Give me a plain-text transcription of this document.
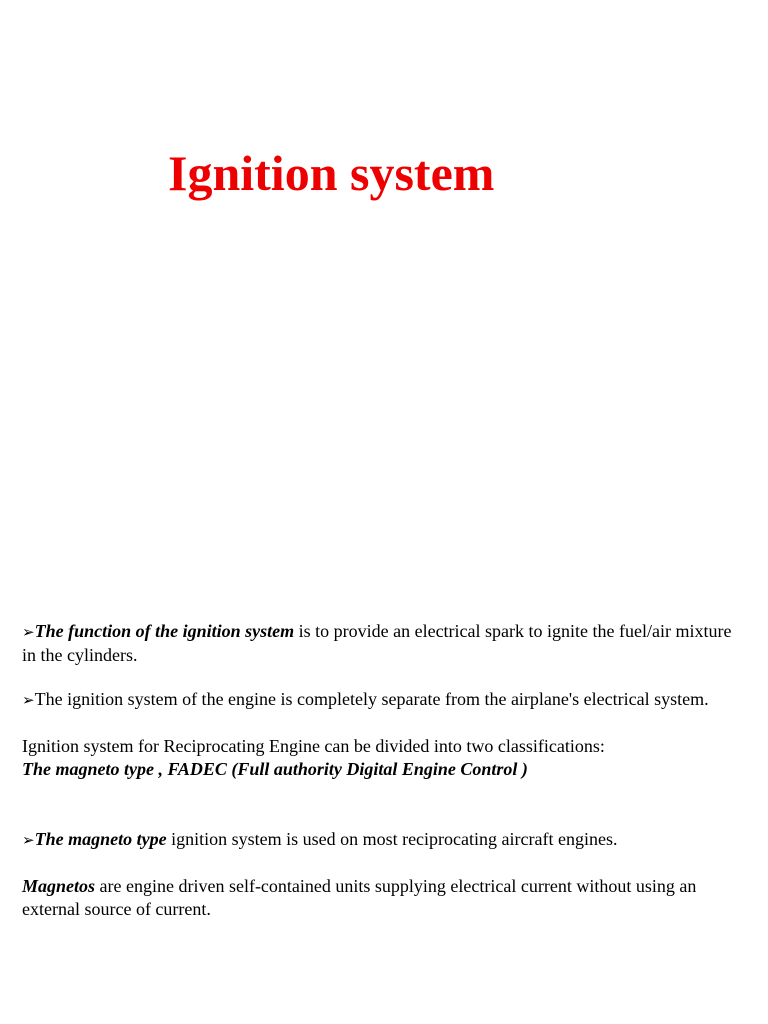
Ignition system

➢The function of the ignition system is to provide an electrical spark to ignite the fuel/air mixture in the cylinders.

➢The ignition system of the engine is completely separate from the airplane's electrical system.

Ignition system for Reciprocating Engine can be divided into two classifications:
The magneto type , FADEC (Full authority Digital Engine Control )

➢The magneto type ignition system is used on most reciprocating aircraft engines.

Magnetos are engine driven self-contained units supplying electrical current without using an external source of current.
